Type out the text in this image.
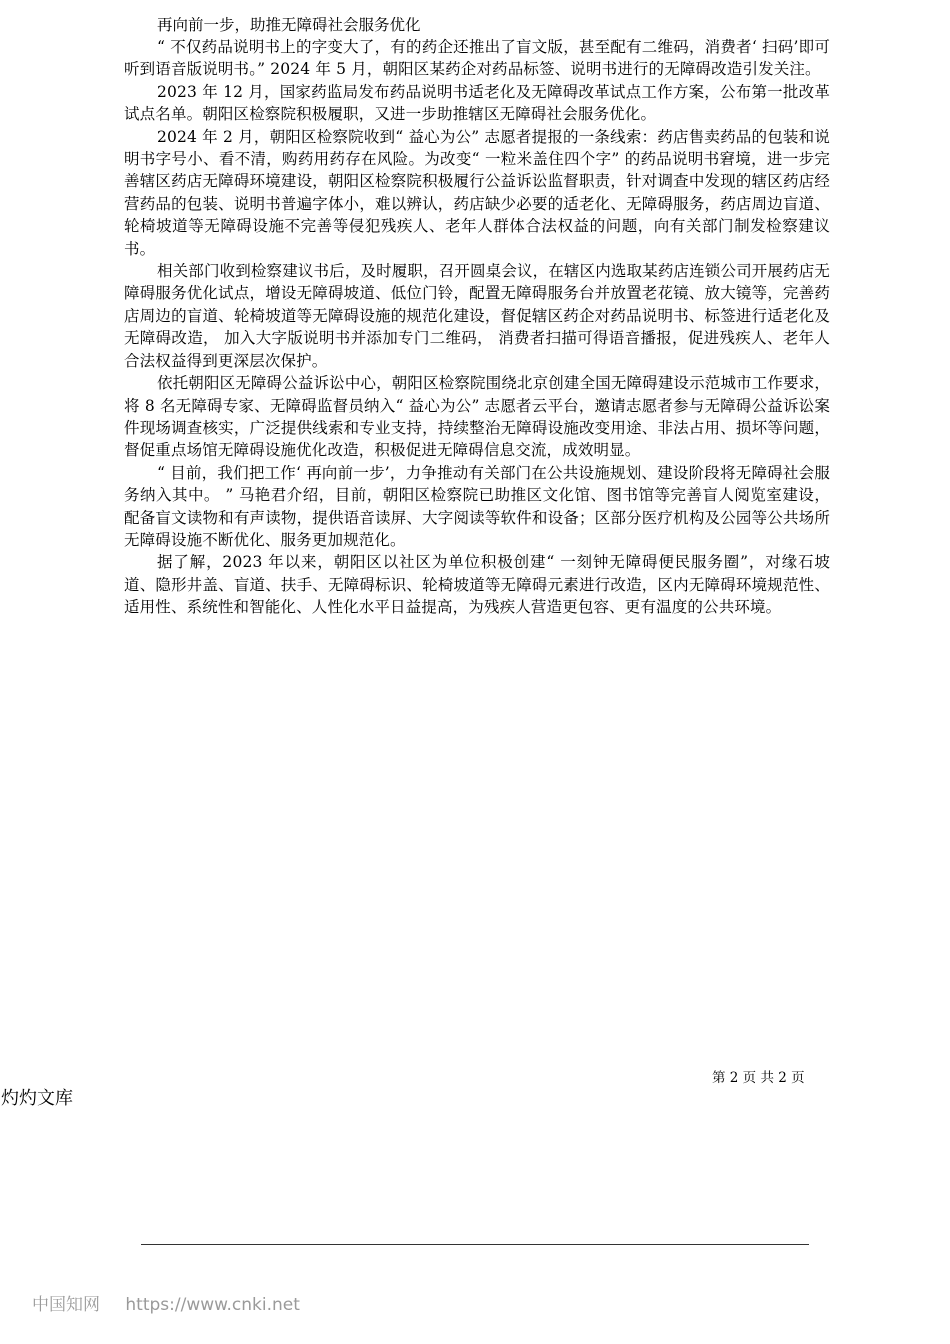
再向前一步，助推无障碍社会服务优化

“ 不仅药品说明书上的字变大了，有的药企还推出了盲文版，甚至配有二维码，消费者‘ 扫码’即可听到语音版说明书。” 2024 年 5 月，朝阳区某药企对药品标签、说明书进行的无障碍改造引发关注。

2023 年 12 月，国家药监局发布药品说明书适老化及无障碍改革试点工作方案，公布第一批改革试点名单。朝阳区检察院积极履职，又进一步助推辖区无障碍社会服务优化。

2024 年 2 月，朝阳区检察院收到“ 益心为公” 志愿者提报的一条线索：药店售卖药品的包装和说明书字号小、看不清，购药用药存在风险。为改变“ 一粒米盖住四个字” 的药品说明书窘境，进一步完善辖区药店无障碍环境建设，朝阳区检察院积极履行公益诉讼监督职责，针对调查中发现的辖区药店经营药品的包装、说明书普遍字体小，难以辨认，药店缺少必要的适老化、无障碍服务，药店周边盲道、轮椅坡道等无障碍设施不完善等侵犯残疾人、老年人群体合法权益的问题，向有关部门制发检察建议书。

相关部门收到检察建议书后，及时履职，召开圆桌会议，在辖区内选取某药店连锁公司开展药店无障碍服务优化试点，增设无障碍坡道、低位门铃，配置无障碍服务台并放置老花镜、放大镜等，完善药店周边的盲道、轮椅坡道等无障碍设施的规范化建设，督促辖区药企对药品说明书、标签进行适老化及无障碍改造， 加入大字版说明书并添加专门二维码， 消费者扫描可得语音播报，促进残疾人、老年人合法权益得到更深层次保护。

依托朝阳区无障碍公益诉讼中心，朝阳区检察院围绕北京创建全国无障碍建设示范城市工作要求，将 8 名无障碍专家、无障碍监督员纳入“ 益心为公” 志愿者云平台，邀请志愿者参与无障碍公益诉讼案件现场调查核实，广泛提供线索和专业支持，持续整治无障碍设施改变用途、非法占用、损坏等问题，督促重点场馆无障碍设施优化改造，积极促进无障碍信息交流，成效明显。

“ 目前，我们把工作‘ 再向前一步’，力争推动有关部门在公共设施规划、建设阶段将无障碍社会服务纳入其中。 ” 马艳君介绍，目前，朝阳区检察院已助推区文化馆、图书馆等完善盲人阅览室建设，配备盲文读物和有声读物，提供语音读屏、大字阅读等软件和设备；区部分医疗机构及公园等公共场所无障碍设施不断优化、服务更加规范化。

据了解，2023 年以来，朝阳区以社区为单位积极创建“ 一刻钟无障碍便民服务圈”，对缘石坡道、隐形井盖、盲道、扶手、无障碍标识、轮椅坡道等无障碍元素进行改造，区内无障碍环境规范性、适用性、系统性和智能化、人性化水平日益提高，为残疾人营造更包容、更有温度的公共环境。

第 2 页 共 2 页
灼灼文库
中国知网 https://www.cnki.net
